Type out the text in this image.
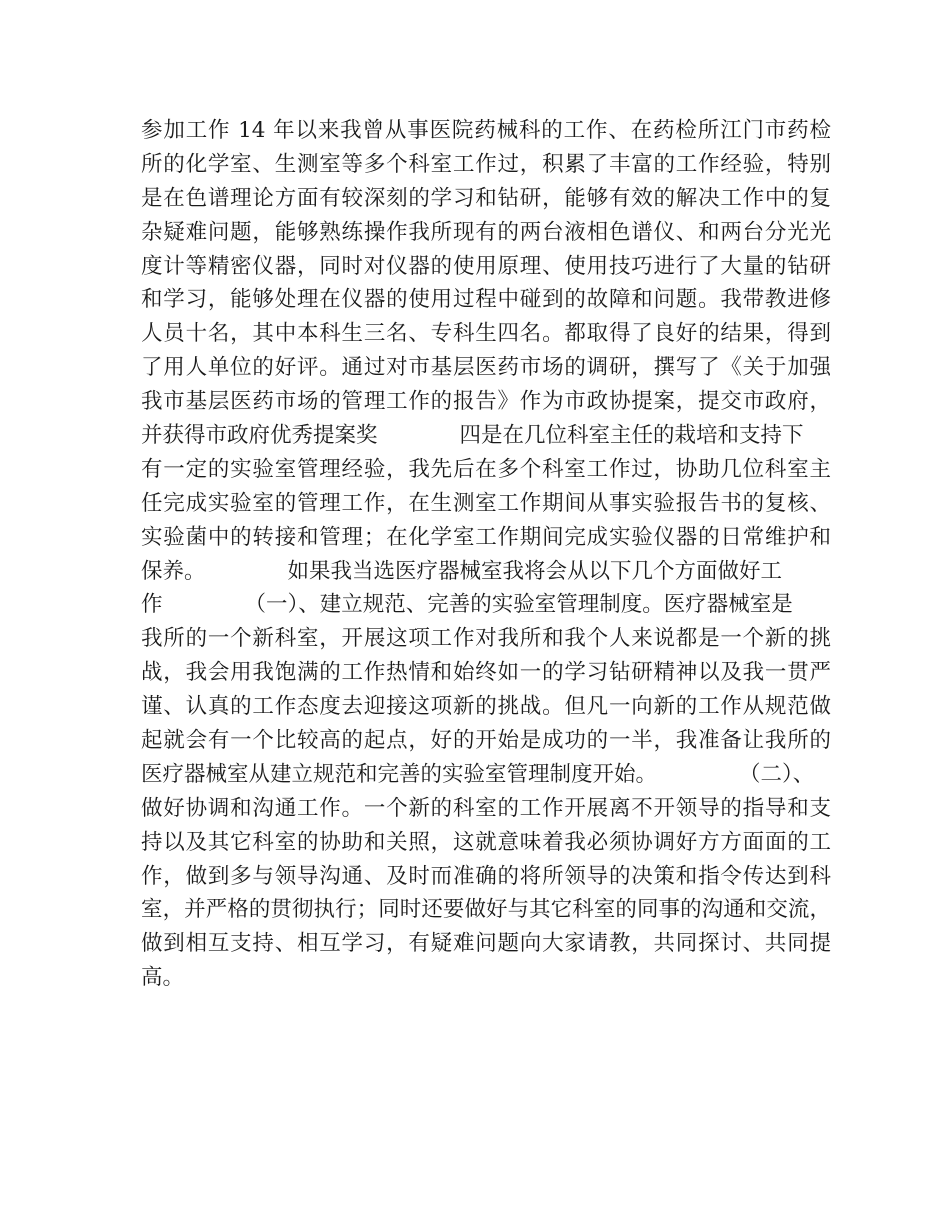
参加工作 14 年以来我曾从事医院药械科的工作、在药检所江门市药检
所的化学室、生测室等多个科室工作过，积累了丰富的工作经验，特别
是在色谱理论方面有较深刻的学习和钻研，能够有效的解决工作中的复
杂疑难问题，能够熟练操作我所现有的两台液相色谱仪、和两台分光光
度计等精密仪器，同时对仪器的使用原理、使用技巧进行了大量的钻研
和学习，能够处理在仪器的使用过程中碰到的故障和问题。我带教进修
人员十名，其中本科生三名、专科生四名。都取得了良好的结果，得到
了用人单位的好评。通过对市基层医药市场的调研，撰写了《关于加强
我市基层医药市场的管理工作的报告》作为市政协提案，提交市政府，
并获得市政府优秀提案奖            四是在几位科室主任的栽培和支持下
有一定的实验室管理经验，我先后在多个科室工作过，协助几位科室主
任完成实验室的管理工作，在生测室工作期间从事实验报告书的复核、
实验菌中的转接和管理；在化学室工作期间完成实验仪器的日常维护和
保养。            如果我当选医疗器械室我将会从以下几个方面做好工
作            （一）、建立规范、完善的实验室管理制度。医疗器械室是
我所的一个新科室，开展这项工作对我所和我个人来说都是一个新的挑
战，我会用我饱满的工作热情和始终如一的学习钻研精神以及我一贯严
谨、认真的工作态度去迎接这项新的挑战。但凡一向新的工作从规范做
起就会有一个比较高的起点，好的开始是成功的一半，我准备让我所的
医疗器械室从建立规范和完善的实验室管理制度开始。            （二）、
做好协调和沟通工作。一个新的科室的工作开展离不开领导的指导和支
持以及其它科室的协助和关照，这就意味着我必须协调好方方面面的工
作，做到多与领导沟通、及时而准确的将所领导的决策和指令传达到科
室，并严格的贯彻执行；同时还要做好与其它科室的同事的沟通和交流，
做到相互支持、相互学习，有疑难问题向大家请教，共同探讨、共同提
高。
